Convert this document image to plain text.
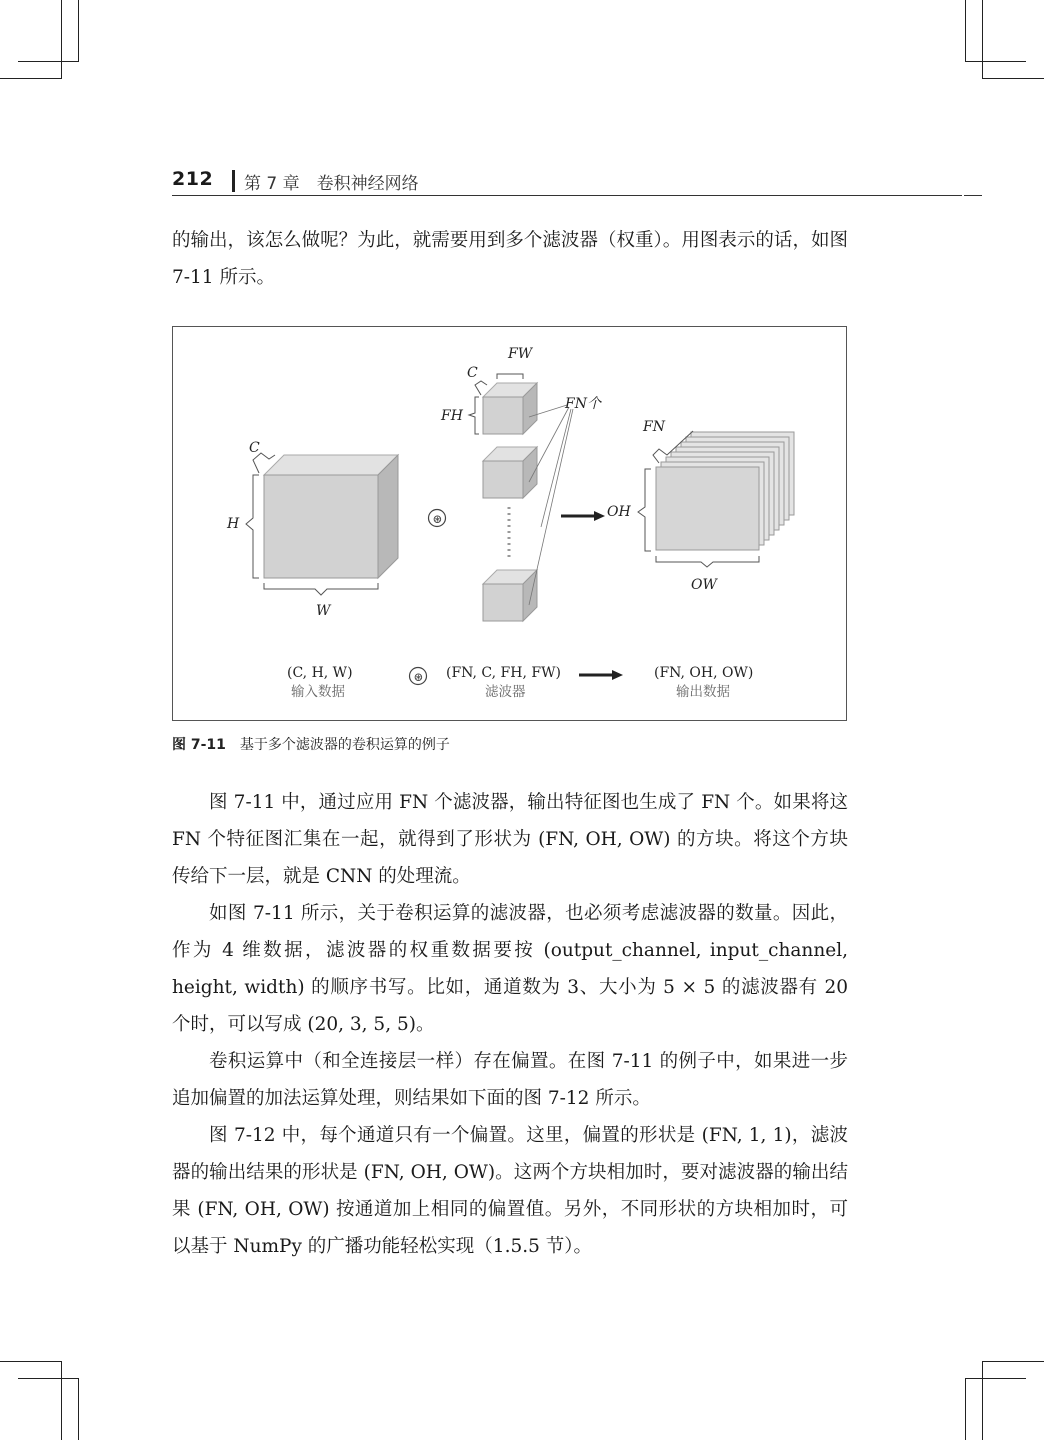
212 第 7 章　卷积神经网络

的输出，该怎么做呢？为此，就需要用到多个滤波器（权重）。用图表示的话，如图 7-11 所示。

C
H
W
⊛
FW
C
FH
FN个
OH
FN
OW
(C, H, W)
输入数据
⊛ (FN, C, FH, FW)
滤波器
(FN, OH, OW)
输出数据
图 7-11 基于多个滤波器的卷积运算的例子

图 7-11 中，通过应用 FN 个滤波器，输出特征图也生成了 FN 个。如果将这 FN 个特征图汇集在一起，就得到了形状为 (FN, OH, OW) 的方块。将这个方块传给下一层，就是 CNN 的处理流。

如图 7-11 所示，关于卷积运算的滤波器，也必须考虑滤波器的数量。因此，作为 4 维数据，滤波器的权重数据要按 (output_channel, input_channel, height, width) 的顺序书写。比如，通道数为 3、大小为 5 × 5 的滤波器有 20 个时，可以写成 (20, 3, 5, 5)。

卷积运算中（和全连接层一样）存在偏置。在图 7-11 的例子中，如果进一步追加偏置的加法运算处理，则结果如下面的图 7-12 所示。

图 7-12 中，每个通道只有一个偏置。这里，偏置的形状是 (FN, 1, 1)，滤波器的输出结果的形状是 (FN, OH, OW)。这两个方块相加时，要对滤波器的输出结果 (FN, OH, OW) 按通道加上相同的偏置值。另外，不同形状的方块相加时，可以基于 NumPy 的广播功能轻松实现（1.5.5 节）。
